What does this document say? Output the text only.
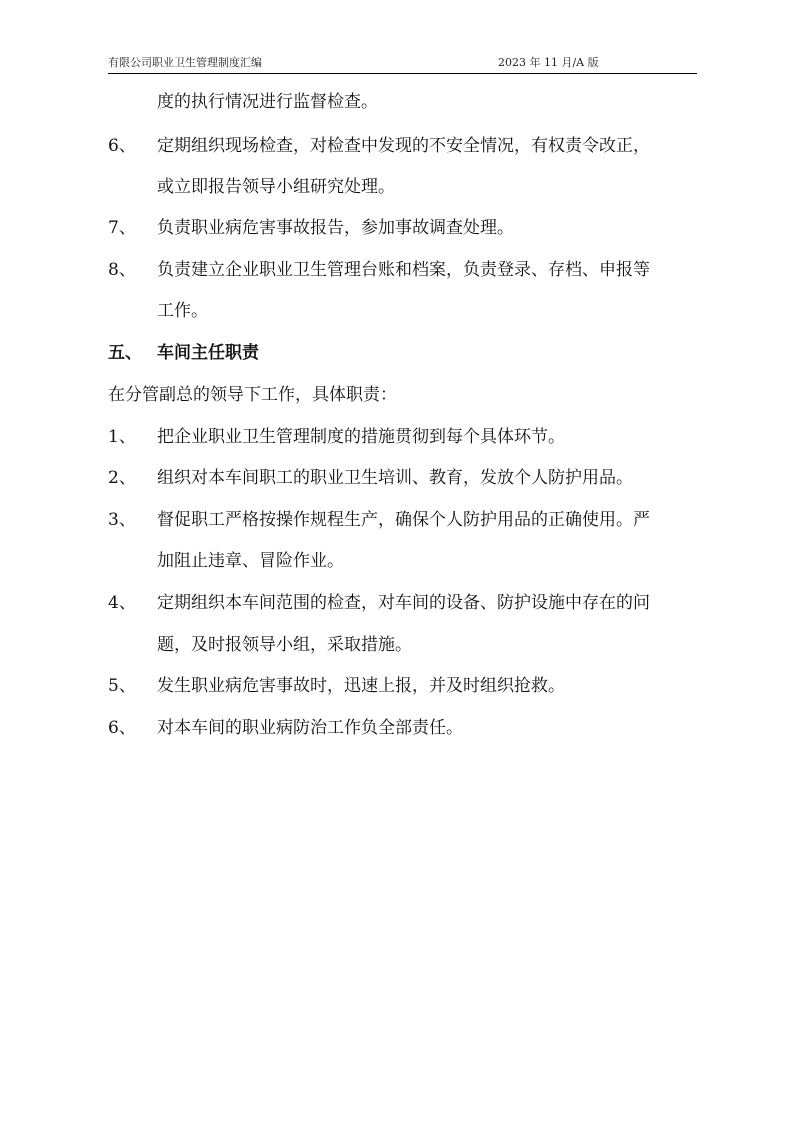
有限公司职业卫生管理制度汇编	2023 年 11 月/A 版
度的执行情况进行监督检查。
6、 定期组织现场检查，对检查中发现的不安全情况，有权责令改正，
或立即报告领导小组研究处理。
7、 负责职业病危害事故报告，参加事故调查处理。
8、 负责建立企业职业卫生管理台账和档案，负责登录、存档、申报等
工作。
五、 车间主任职责
在分管副总的领导下工作，具体职责：
1、 把企业职业卫生管理制度的措施贯彻到每个具体环节。
2、 组织对本车间职工的职业卫生培训、教育，发放个人防护用品。
3、 督促职工严格按操作规程生产，确保个人防护用品的正确使用。严
加阻止违章、冒险作业。
4、 定期组织本车间范围的检查，对车间的设备、防护设施中存在的问
题，及时报领导小组，采取措施。
5、 发生职业病危害事故时，迅速上报，并及时组织抢救。
6、 对本车间的职业病防治工作负全部责任。
